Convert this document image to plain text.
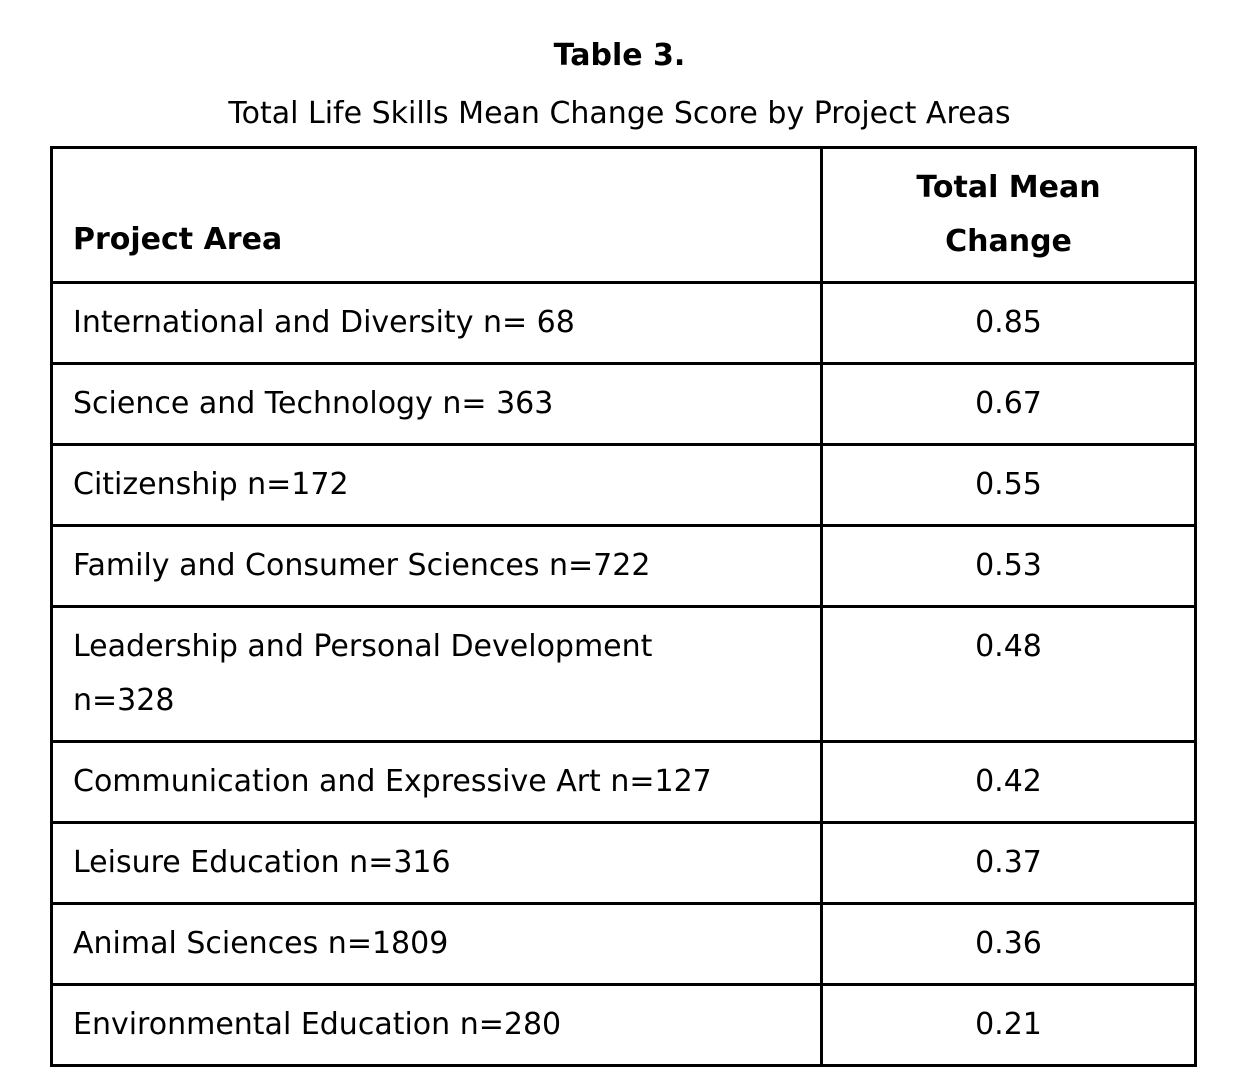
Table 3.
Total Life Skills Mean Change Score by Project Areas
Project Area	Total Mean Change

International and Diversity n= 68	0.85

Science and Technology n= 363	0.67

Citizenship n=172	0.55

Family and Consumer Sciences n=722	0.53

Leadership and Personal Development n=328	0.48

Communication and Expressive Art n=127	0.42

Leisure Education n=316	0.37

Animal Sciences n=1809	0.36

Environmental Education n=280	0.21
